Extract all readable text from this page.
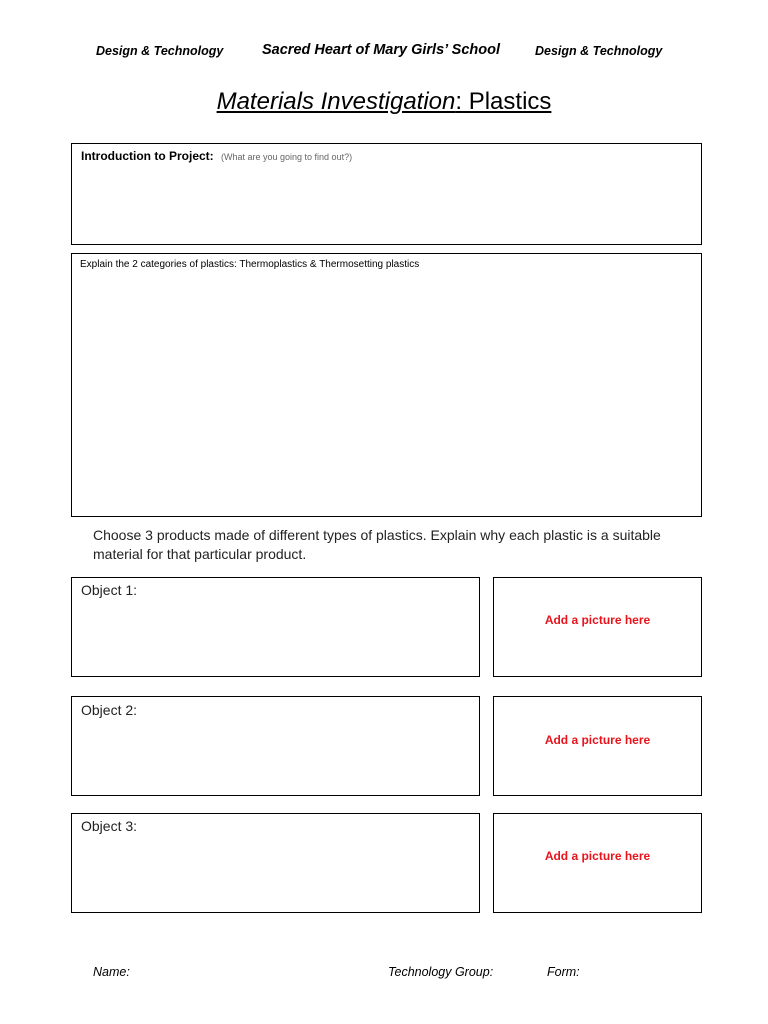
Design & Technology	Sacred Heart of Mary Girls’ School	Design & Technology
Materials Investigation: Plastics
Introduction to Project: (What are you going to find out?)
Explain the 2 categories of plastics: Thermoplastics & Thermosetting plastics
Choose 3 products made of different types of plastics. Explain why each plastic is a suitable material for that particular product.
Object 1:
Add a picture here
Object 2:
Add a picture here
Object 3:
Add a picture here
Name:	Technology Group:	Form:
